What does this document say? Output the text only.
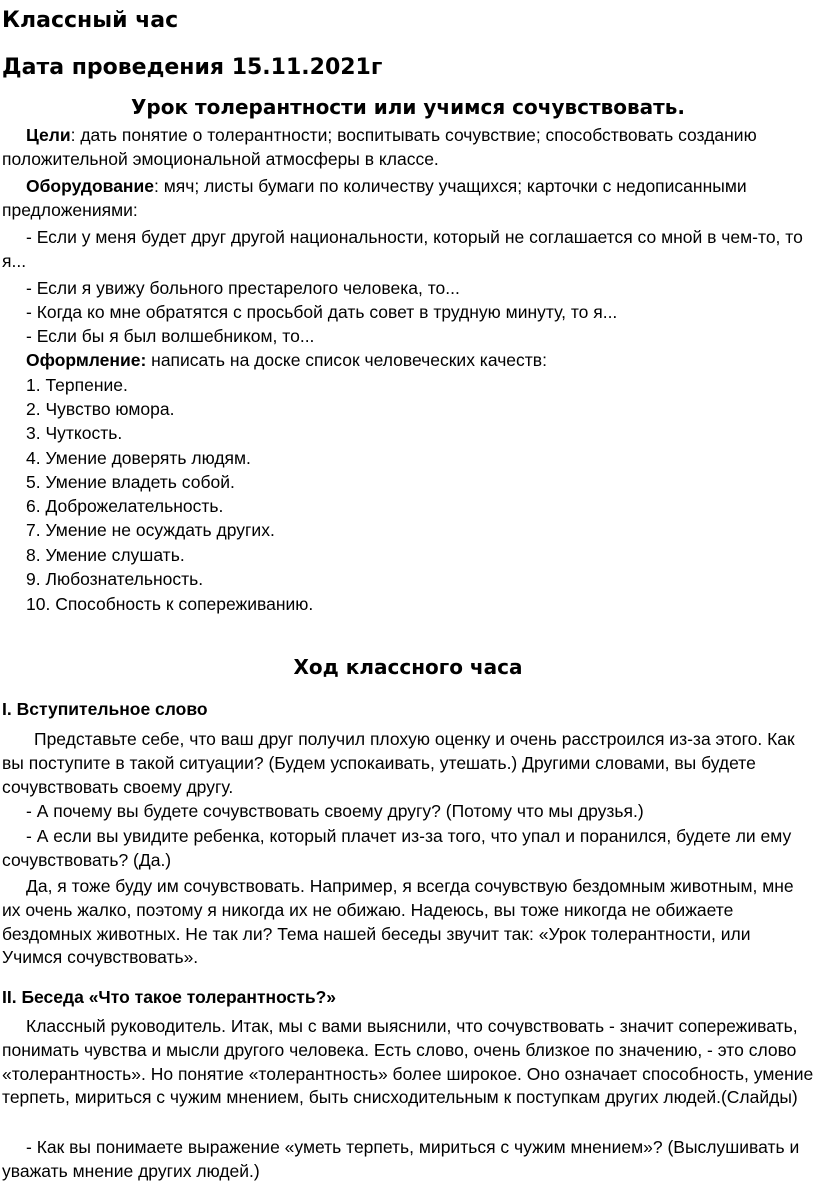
Классный час
Дата проведения 15.11.2021г
Урок толерантности или учимся сочувствовать.

Цели: дать понятие о толерантности; воспитывать сочувствие; способствовать созданию положительной эмоциональной атмосферы в классе.

Оборудование: мяч; листы бумаги по количеству учащихся; карточки с недописанными предложениями:

- Если у меня будет друг другой национальности, который не соглашается со мной в чем-то, то я...

- Если я увижу больного престарелого человека, то...

- Когда ко мне обратятся с просьбой дать совет в трудную минуту, то я...

- Если бы я был волшебником, то...

Оформление: написать на доске список человеческих качеств:

1. Терпение.

2. Чувство юмора.

3. Чуткость.

4. Умение доверять людям.

5. Умение владеть собой.

6. Доброжелательность.

7. Умение не осуждать других.

8. Умение слушать.

9. Любознательность.

10. Способность к сопереживанию.

Ход классного часа
I. Вступительное слово

Представьте себе, что ваш друг получил плохую оценку и очень расстроился из-за этого. Как вы поступите в такой ситуации? (Будем успокаивать, утешать.) Другими словами, вы будете сочувствовать своему другу.

- А почему вы будете сочувствовать своему другу? (Потому что мы друзья.)

- А если вы увидите ребенка, который плачет из-за того, что упал и поранился, будете ли ему сочувствовать? (Да.)

Да, я тоже буду им сочувствовать. Например, я всегда сочувствую бездомным животным, мне их очень жалко, поэтому я никогда их не обижаю. Надеюсь, вы тоже никогда не обижаете бездомных животных. Не так ли? Тема нашей беседы звучит так: «Урок толерантности, или Учимся сочувствовать».

II. Беседа «Что такое толерантность?»

Классный руководитель. Итак, мы с вами выяснили, что сочувствовать - значит сопереживать, понимать чувства и мысли другого человека. Есть слово, очень близкое по значению, - это слово «толерантность». Но понятие «толерантность» более широкое. Оно означает способность, умение терпеть, мириться с чужим мнением, быть снисходительным к поступкам других людей.(Слайды)

- Как вы понимаете выражение «уметь терпеть, мириться с чужим мнением»? (Выслушивать и уважать мнение других людей.)
